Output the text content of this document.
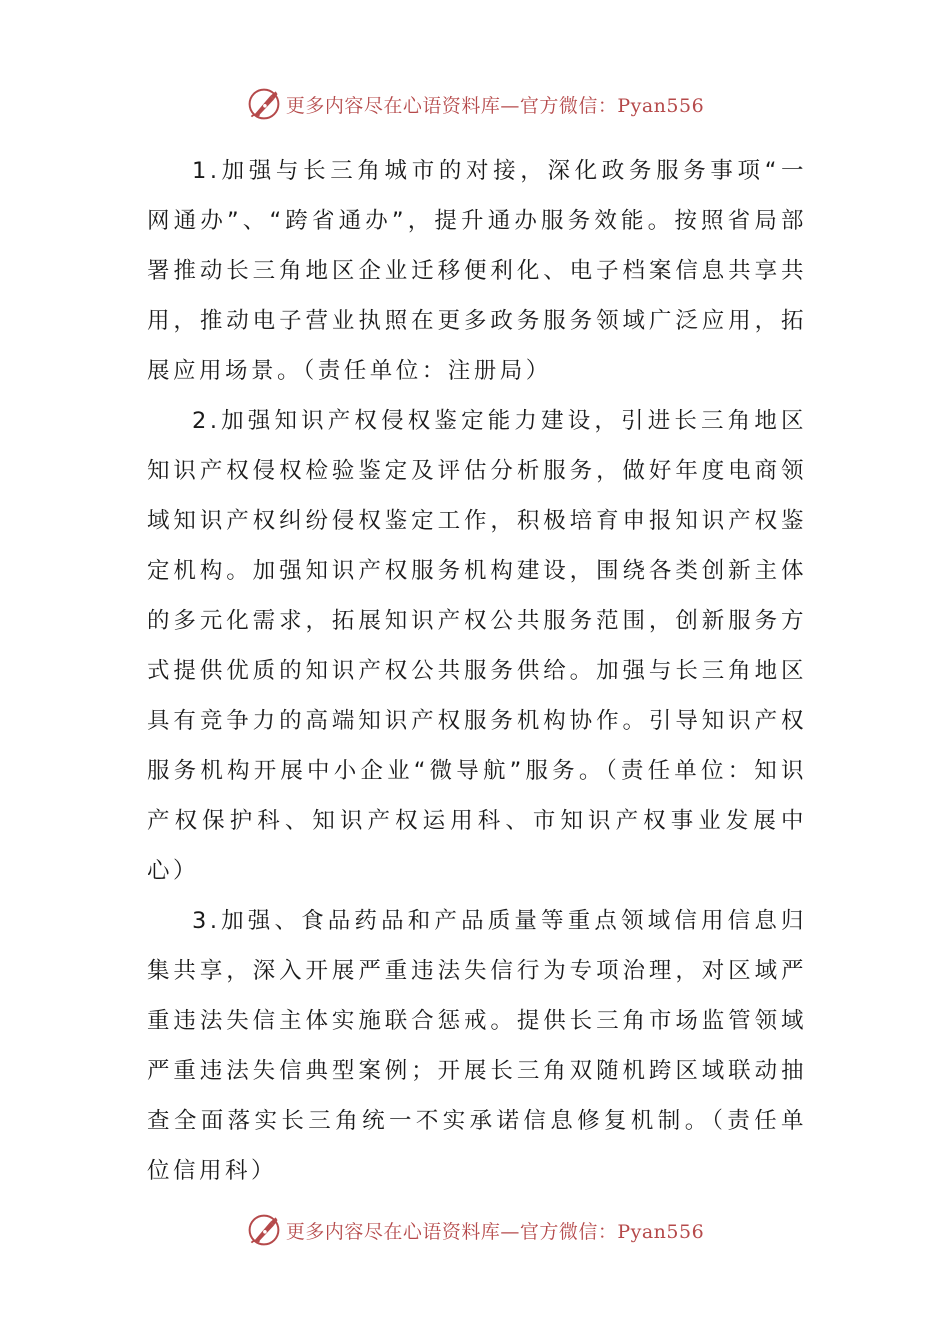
更多内容尽在心语资料库—官方微信：Pyan556

1.加强与长三角城市的对接，深化政务服务事项“一网通办”、“跨省通办”，提升通办服务效能。按照省局部署推动长三角地区企业迁移便利化、电子档案信息共享共用，推动电子营业执照在更多政务服务领域广泛应用，拓展应用场景。（责任单位：注册局）

2.加强知识产权侵权鉴定能力建设，引进长三角地区知识产权侵权检验鉴定及评估分析服务，做好年度电商领域知识产权纠纷侵权鉴定工作，积极培育申报知识产权鉴定机构。加强知识产权服务机构建设，围绕各类创新主体的多元化需求，拓展知识产权公共服务范围，创新服务方式提供优质的知识产权公共服务供给。加强与长三角地区具有竞争力的高端知识产权服务机构协作。引导知识产权服务机构开展中小企业“微导航”服务。（责任单位：知识产权保护科、知识产权运用科、市知识产权事业发展中心）

3.加强、食品药品和产品质量等重点领域信用信息归集共享，深入开展严重违法失信行为专项治理，对区域严重违法失信主体实施联合惩戒。提供长三角市场监管领域严重违法失信典型案例；开展长三角双随机跨区域联动抽查全面落实长三角统一不实承诺信息修复机制。（责任单位信用科）

更多内容尽在心语资料库—官方微信：Pyan556
